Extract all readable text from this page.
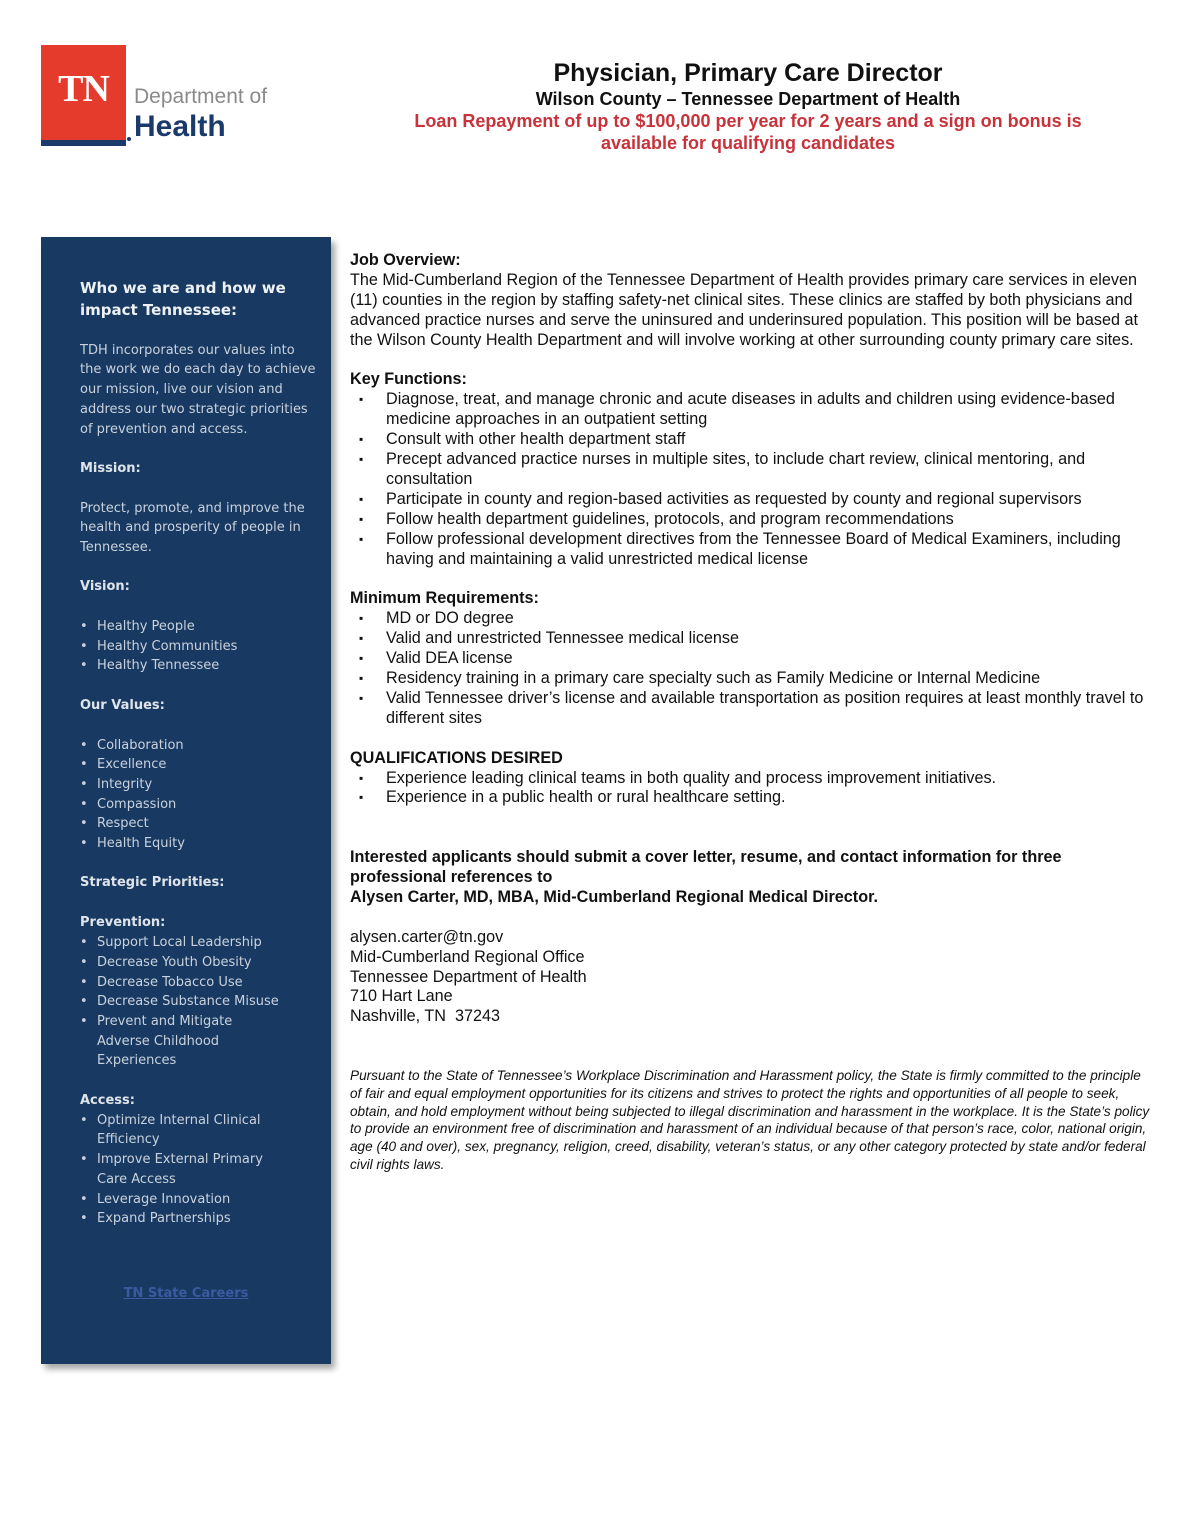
TN	Department of
Health
Physician, Primary Care Director
Wilson County – Tennessee Department of Health
Loan Repayment of up to $100,000 per year for 2 years and a sign on bonus is available for qualifying candidates
Who we are and how we impact Tennessee:
TDH incorporates our values into the work we do each day to achieve our mission, live our vision and address our two strategic priorities of prevention and access.
Mission:
Protect, promote, and improve the health and prosperity of people in Tennessee.
Vision:
• Healthy People
• Healthy Communities
• Healthy Tennessee
Our Values:
• Collaboration
• Excellence
• Integrity
• Compassion
• Respect
• Health Equity
Strategic Priorities:
Prevention:
• Support Local Leadership
• Decrease Youth Obesity
• Decrease Tobacco Use
• Decrease Substance Misuse
• Prevent and Mitigate Adverse Childhood Experiences
Access:
• Optimize Internal Clinical Efficiency
• Improve External Primary Care Access
• Leverage Innovation
• Expand Partnerships
TN State Careers
Job Overview:
The Mid-Cumberland Region of the Tennessee Department of Health provides primary care services in eleven (11) counties in the region by staffing safety-net clinical sites. These clinics are staffed by both physicians and advanced practice nurses and serve the uninsured and underinsured population. This position will be based at the Wilson County Health Department and will involve working at other surrounding county primary care sites.
Key Functions:
▪ Diagnose, treat, and manage chronic and acute diseases in adults and children using evidence-based medicine approaches in an outpatient setting
▪ Consult with other health department staff
▪ Precept advanced practice nurses in multiple sites, to include chart review, clinical mentoring, and consultation
▪ Participate in county and region-based activities as requested by county and regional supervisors
▪ Follow health department guidelines, protocols, and program recommendations
▪ Follow professional development directives from the Tennessee Board of Medical Examiners, including having and maintaining a valid unrestricted medical license
Minimum Requirements:
▪ MD or DO degree
▪ Valid and unrestricted Tennessee medical license
▪ Valid DEA license
▪ Residency training in a primary care specialty such as Family Medicine or Internal Medicine
▪ Valid Tennessee driver’s license and available transportation as position requires at least monthly travel to different sites
QUALIFICATIONS DESIRED
▪ Experience leading clinical teams in both quality and process improvement initiatives.
▪ Experience in a public health or rural healthcare setting.
Interested applicants should submit a cover letter, resume, and contact information for three professional references to
Alysen Carter, MD, MBA, Mid-Cumberland Regional Medical Director.
alysen.carter@tn.gov
Mid-Cumberland Regional Office
Tennessee Department of Health
710 Hart Lane
Nashville, TN  37243
Pursuant to the State of Tennessee’s Workplace Discrimination and Harassment policy, the State is firmly committed to the principle of fair and equal employment opportunities for its citizens and strives to protect the rights and opportunities of all people to seek, obtain, and hold employment without being subjected to illegal discrimination and harassment in the workplace. It is the State’s policy to provide an environment free of discrimination and harassment of an individual because of that person’s race, color, national origin, age (40 and over), sex, pregnancy, religion, creed, disability, veteran’s status, or any other category protected by state and/or federal civil rights laws.
